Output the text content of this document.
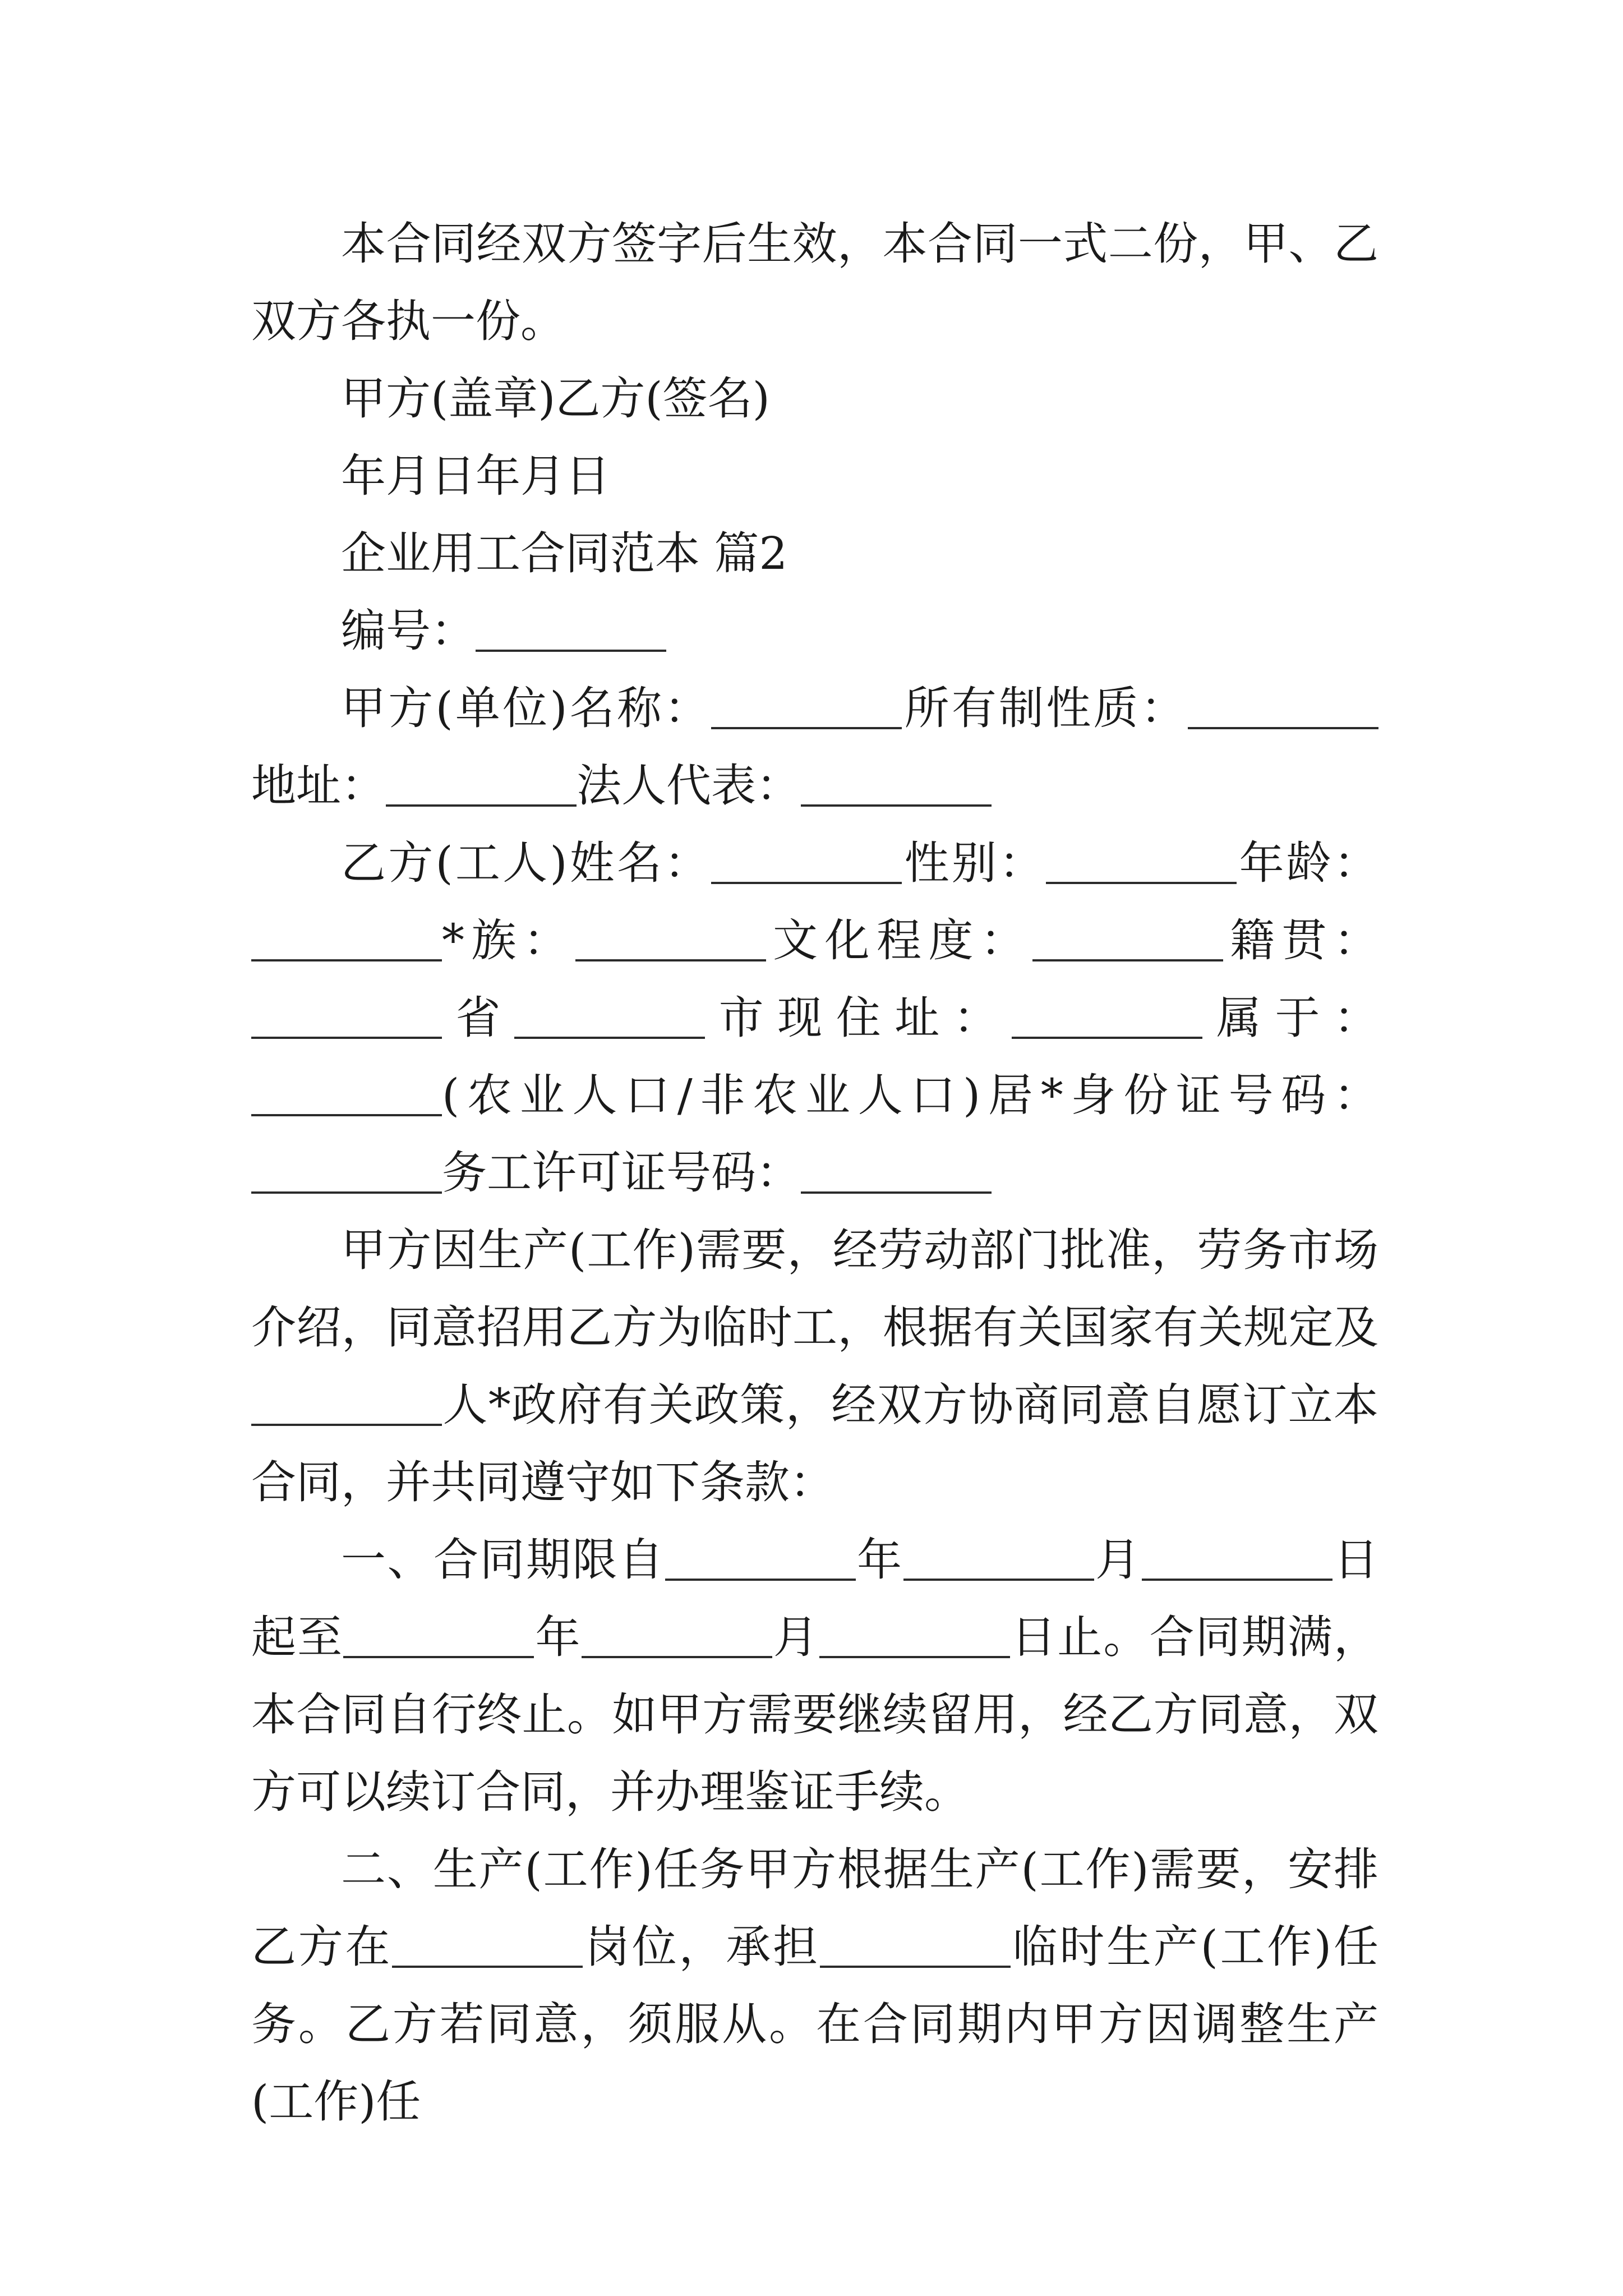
本合同经双方签字后生效，本合同一式二份，甲、乙双方各执一份。

甲方(盖章)乙方(签名)

年月日年月日

企业用工合同范本 篇2

编号：

甲方(单位)名称：	所有制性质：地址：	法人代表：

乙方(工人)姓名：	性别：	年龄：*族：	文化程度：	籍贯：省	市现住址：	属于：(农业人口/非农业人口)居*身份证号码：务工许可证号码：

甲方因生产(工作)需要，经劳动部门批准，劳务市场介绍，同意招用乙方为临时工，根据有关国家有关规定及人*政府有关政策，经双方协商同意自愿订立本合同，并共同遵守如下条款：

一、合同期限自	年	月	日起至	年	月	日止。合同期满，本合同自行终止。如甲方需要继续留用，经乙方同意，双方可以续订合同，并办理鉴证手续。

二、生产(工作)任务甲方根据生产(工作)需要，安排乙方在	岗位，承担	临时生产(工作)任务。乙方若同意，须服从。在合同期内甲方因调整生产(工作)任
